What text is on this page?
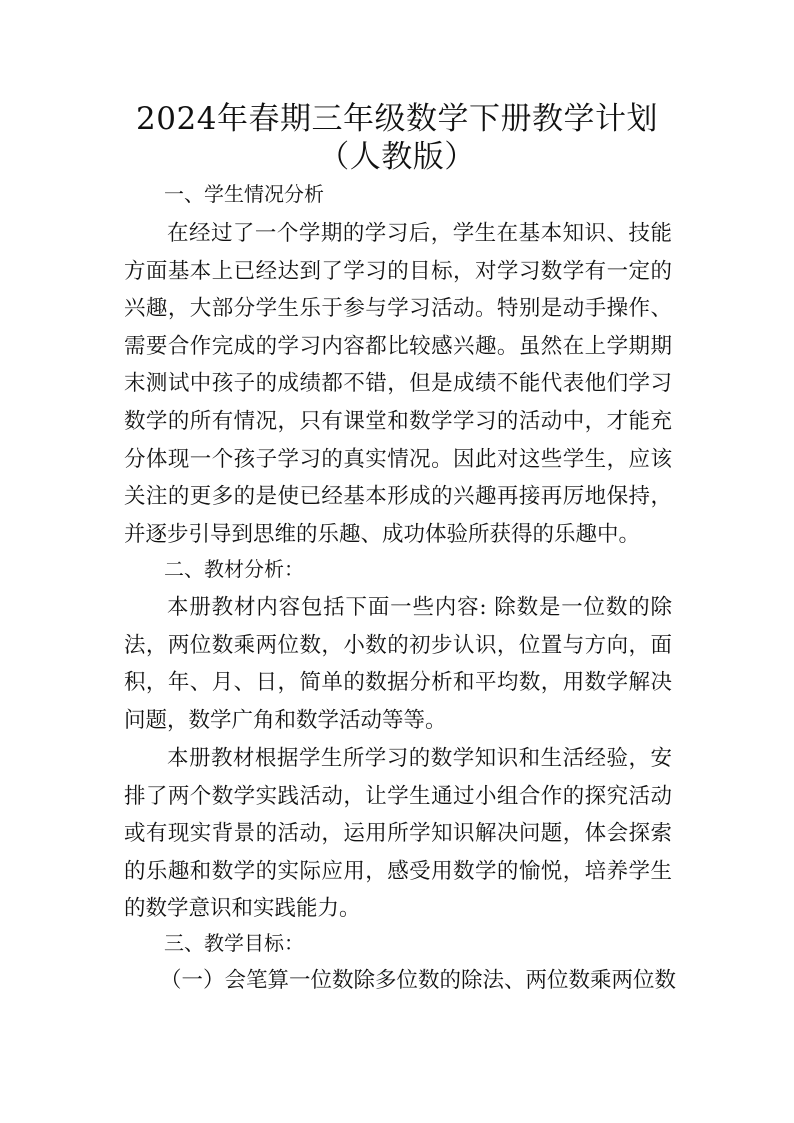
2024年春期三年级数学下册教学计划
（人教版）
一、学生情况分析

在经过了一个学期的学习后，学生在基本知识、技能方面基本上已经达到了学习的目标，对学习数学有一定的兴趣，大部分学生乐于参与学习活动。特别是动手操作、需要合作完成的学习内容都比较感兴趣。虽然在上学期期末测试中孩子的成绩都不错，但是成绩不能代表他们学习数学的所有情况，只有课堂和数学学习的活动中，才能充分体现一个孩子学习的真实情况。因此对这些学生，应该关注的更多的是使已经基本形成的兴趣再接再厉地保持，并逐步引导到思维的乐趣、成功体验所获得的乐趣中。

二、教材分析：

本册教材内容包括下面一些内容: 除数是一位数的除法，两位数乘两位数，小数的初步认识，位置与方向，面积，年、月、日，简单的数据分析和平均数，用数学解决问题，数学广角和数学活动等等。

本册教材根据学生所学习的数学知识和生活经验，安排了两个数学实践活动，让学生通过小组合作的探究活动或有现实背景的活动，运用所学知识解决问题，体会探索的乐趣和数学的实际应用，感受用数学的愉悦，培养学生的数学意识和实践能力。

三、教学目标：

（一）会笔算一位数除多位数的除法、两位数乘两位数
